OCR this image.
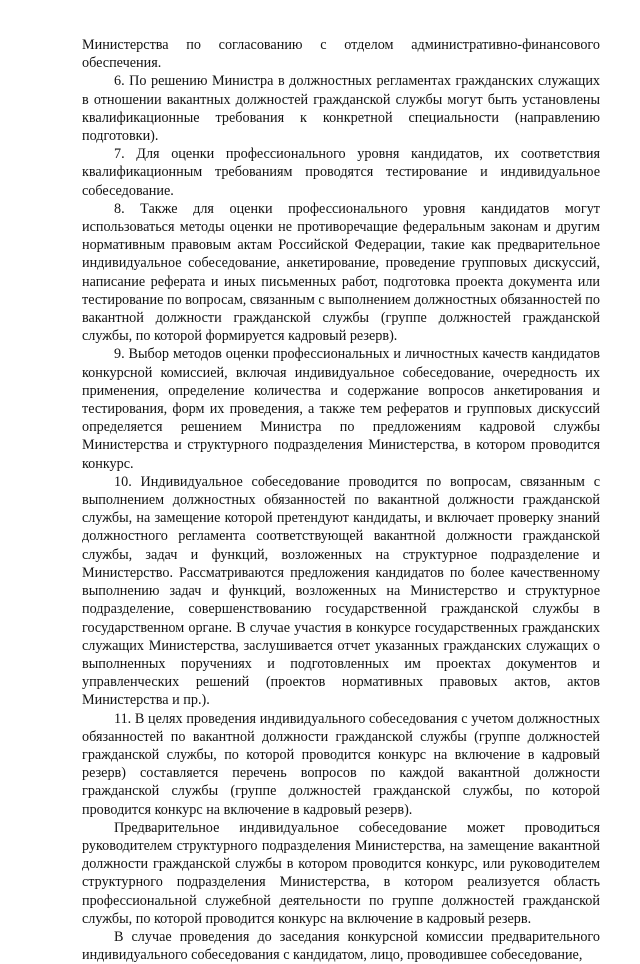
Министерства по согласованию с отделом административно-финансового обеспечения.

6. По решению Министра в должностных регламентах гражданских служащих в отношении вакантных должностей гражданской службы могут быть установлены квалификационные требования к конкретной специальности (направлению подготовки).

7. Для оценки профессионального уровня кандидатов, их соответствия квалификационным требованиям проводятся тестирование и индивидуальное собеседование.

8. Также для оценки профессионального уровня кандидатов могут использоваться методы оценки не противоречащие федеральным законам и другим нормативным правовым актам Российской Федерации, такие как предварительное индивидуальное собеседование, анкетирование, проведение групповых дискуссий, написание реферата и иных письменных работ, подготовка проекта документа или тестирование по вопросам, связанным с выполнением должностных обязанностей по вакантной должности гражданской службы (группе должностей гражданской службы, по которой формируется кадровый резерв).

9. Выбор методов оценки профессиональных и личностных качеств кандидатов конкурсной комиссией, включая индивидуальное собеседование, очередность их применения, определение количества и содержание вопросов анкетирования и тестирования, форм их проведения, а также тем рефератов и групповых дискуссий определяется решением Министра по предложениям кадровой службы Министерства и структурного подразделения Министерства, в котором проводится конкурс.

10. Индивидуальное собеседование проводится по вопросам, связанным с выполнением должностных обязанностей по вакантной должности гражданской службы, на замещение которой претендуют кандидаты, и включает проверку знаний должностного регламента соответствующей вакантной должности гражданской службы, задач и функций, возложенных на структурное подразделение и Министерство. Рассматриваются предложения кандидатов по более качественному выполнению задач и функций, возложенных на Министерство и структурное подразделение, совершенствованию государственной гражданской службы в государственном органе. В случае участия в конкурсе государственных гражданских служащих Министерства, заслушивается отчет указанных гражданских служащих о выполненных поручениях и подготовленных им проектах документов и управленческих решений (проектов нормативных правовых актов, актов Министерства и пр.).

11. В целях проведения индивидуального собеседования с учетом должностных обязанностей по вакантной должности гражданской службы (группе должностей гражданской службы, по которой проводится конкурс на включение в кадровый резерв) составляется перечень вопросов по каждой вакантной должности гражданской службы (группе должностей гражданской службы, по которой проводится конкурс на включение в кадровый резерв).

Предварительное индивидуальное собеседование может проводиться руководителем структурного подразделения Министерства, на замещение вакантной должности гражданской службы в котором проводится конкурс, или руководителем структурного подразделения Министерства, в котором реализуется область профессиональной служебной деятельности по группе должностей гражданской службы, по которой проводится конкурс на включение в кадровый резерв.

В случае проведения до заседания конкурсной комиссии предварительного индивидуального собеседования с кандидатом, лицо, проводившее собеседование,
